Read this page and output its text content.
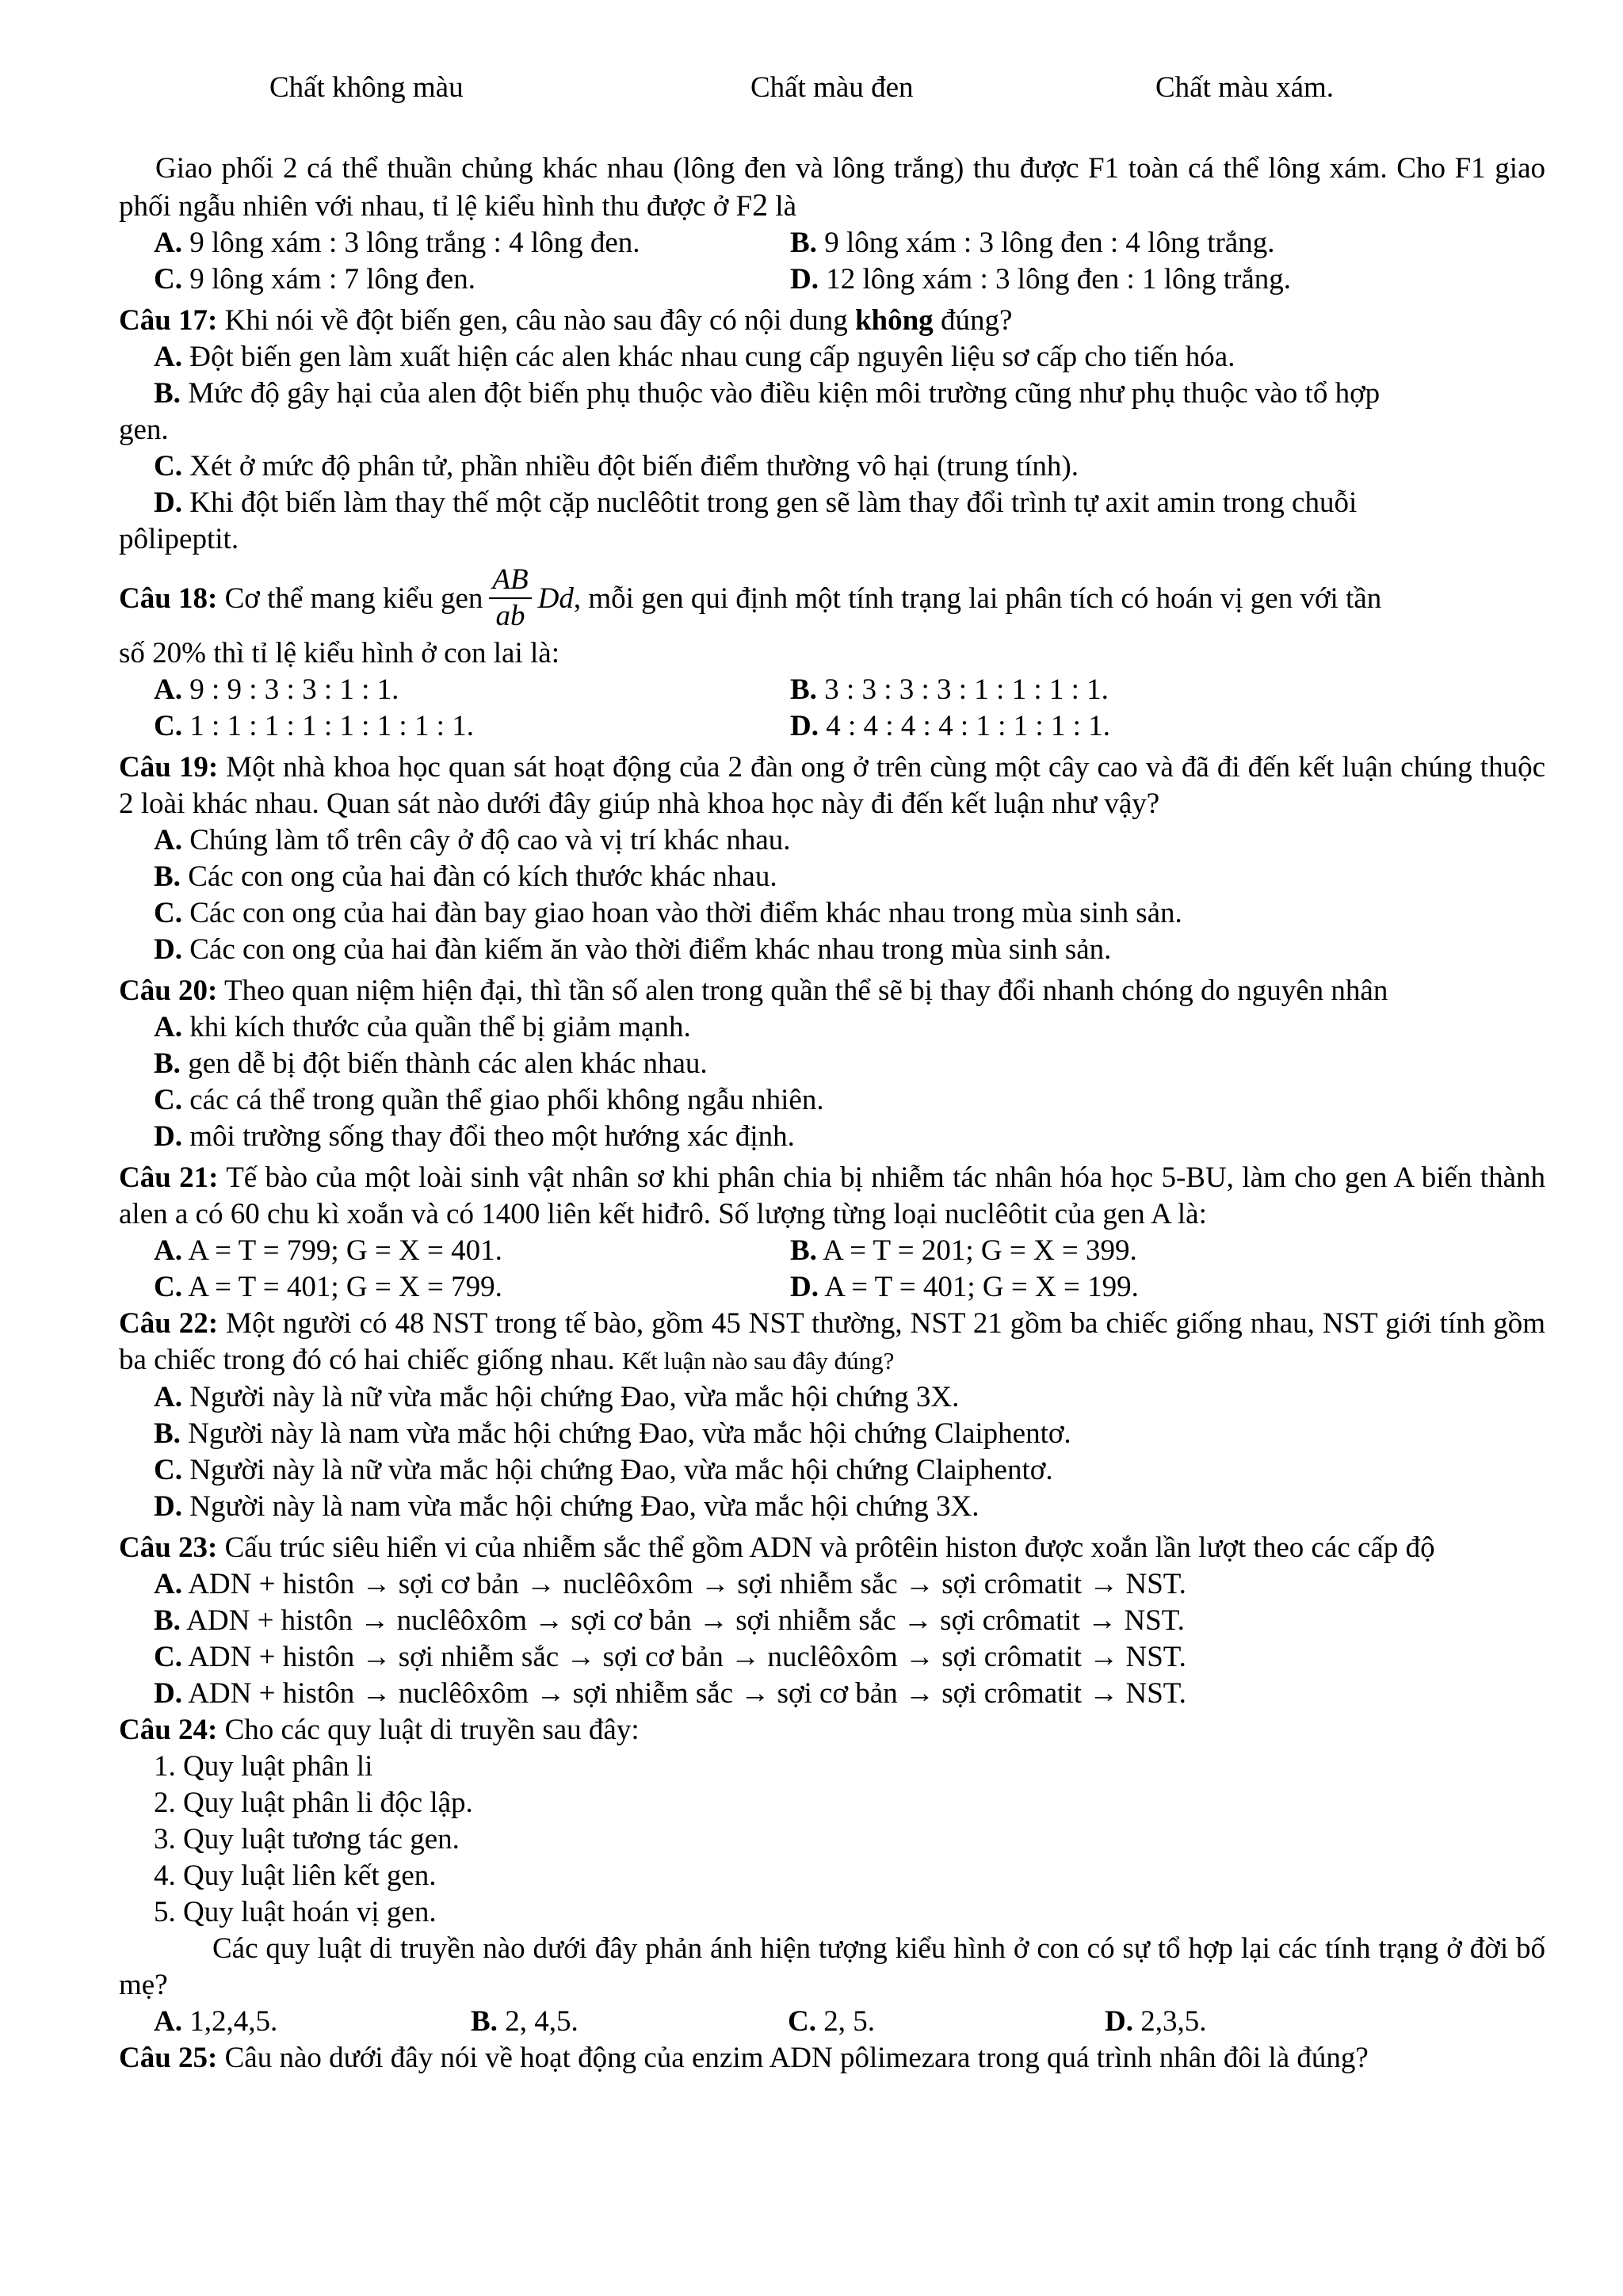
Chất không màu	Chất màu đen	Chất màu xám.

Giao phối 2 cá thể thuần chủng khác nhau (lông đen và lông trắng) thu được F1 toàn cá thể lông xám. Cho F1 giao phối ngẫu nhiên với nhau, tỉ lệ kiểu hình thu được ở F2 là

A. 9 lông xám : 3 lông trắng : 4 lông đen.	B. 9 lông xám : 3 lông đen : 4 lông trắng.
C. 9 lông xám : 7 lông đen.	D. 12 lông xám : 3 lông đen : 1 lông trắng.

Câu 17: Khi nói về đột biến gen, câu nào sau đây có nội dung không đúng?

A. Đột biến gen làm xuất hiện các alen khác nhau cung cấp nguyên liệu sơ cấp cho tiến hóa.

B. Mức độ gây hại của alen đột biến phụ thuộc vào điều kiện môi trường cũng như phụ thuộc vào tổ hợp

gen.

C. Xét ở mức độ phân tử, phần nhiều đột biến điểm thường vô hại (trung tính).

D. Khi đột biến làm thay thế một cặp nuclêôtit trong gen sẽ làm thay đổi trình tự axit amin trong chuỗi

pôlipeptit.

Câu 18: Cơ thể mang kiểu gen $\frac{AB}{ab} Dd$, mỗi gen qui định một tính trạng lai phân tích có hoán vị gen với tần

số 20% thì tỉ lệ kiểu hình ở con lai là:

A. 9 : 9 : 3 : 3 : 1 : 1.	B. 3 : 3 : 3 : 3 : 1 : 1 : 1 : 1.
C. 1 : 1 : 1 : 1 : 1 : 1 : 1 : 1.	D. 4 : 4 : 4 : 4 : 1 : 1 : 1 : 1.

Câu 19: Một nhà khoa học quan sát hoạt động của 2 đàn ong ở trên cùng một cây cao và đã đi đến kết luận chúng thuộc 2 loài khác nhau. Quan sát nào dưới đây giúp nhà khoa học này đi đến kết luận như vậy?

A. Chúng làm tổ trên cây ở độ cao và vị trí khác nhau.

B. Các con ong của hai đàn có kích thước khác nhau.

C. Các con ong của hai đàn bay giao hoan vào thời điểm khác nhau trong mùa sinh sản.

D. Các con ong của hai đàn kiếm ăn vào thời điểm khác nhau trong mùa sinh sản.

Câu 20: Theo quan niệm hiện đại, thì tần số alen trong quần thể sẽ bị thay đổi nhanh chóng do nguyên nhân

A. khi kích thước của quần thể bị giảm mạnh.

B. gen dễ bị đột biến thành các alen khác nhau.

C. các cá thể trong quần thể giao phối không ngẫu nhiên.

D. môi trường sống thay đổi theo một hướng xác định.

Câu 21: Tế bào của một loài sinh vật nhân sơ khi phân chia bị nhiễm tác nhân hóa học 5-BU, làm cho gen A biến thành alen a có 60 chu kì xoắn và có 1400 liên kết hiđrô. Số lượng từng loại nuclêôtit của gen A là:

A. A = T = 799; G = X = 401.	B. A = T = 201; G = X = 399.
C. A = T = 401; G = X = 799.	D. A = T = 401; G = X = 199.

Câu 22: Một người có 48 NST trong tế bào, gồm 45 NST thường, NST 21 gồm ba chiếc giống nhau, NST giới tính gồm ba chiếc trong đó có hai chiếc giống nhau. Kết luận nào sau đây đúng?

A. Người này là nữ vừa mắc hội chứng Đao, vừa mắc hội chứng 3X.

B. Người này là nam vừa mắc hội chứng Đao, vừa mắc hội chứng Claiphentơ.

C. Người này là nữ vừa mắc hội chứng Đao, vừa mắc hội chứng Claiphentơ.

D. Người này là nam vừa mắc hội chứng Đao, vừa mắc hội chứng 3X.

Câu 23: Cấu trúc siêu hiển vi của nhiễm sắc thể gồm ADN và prôtêin histon được xoắn lần lượt theo các cấp độ

A. ADN + histôn → sợi cơ bản → nuclêôxôm → sợi nhiễm sắc → sợi crômatit → NST.

B. ADN + histôn → nuclêôxôm → sợi cơ bản → sợi nhiễm sắc → sợi crômatit → NST.

C. ADN + histôn → sợi nhiễm sắc → sợi cơ bản → nuclêôxôm → sợi crômatit → NST.

D. ADN + histôn → nuclêôxôm → sợi nhiễm sắc → sợi cơ bản → sợi crômatit → NST.

Câu 24: Cho các quy luật di truyền sau đây:

1. Quy luật phân li

2. Quy luật phân li độc lập.

3. Quy luật tương tác gen.

4. Quy luật liên kết gen.

5. Quy luật hoán vị gen.

Các quy luật di truyền nào dưới đây phản ánh hiện tượng kiểu hình ở con có sự tổ hợp lại các tính trạng ở đời bố mẹ?

A. 1,2,4,5.	B. 2, 4,5.	C. 2, 5.	D. 2,3,5.

Câu 25: Câu nào dưới đây nói về hoạt động của enzim ADN pôlimezara trong quá trình nhân đôi là đúng?
